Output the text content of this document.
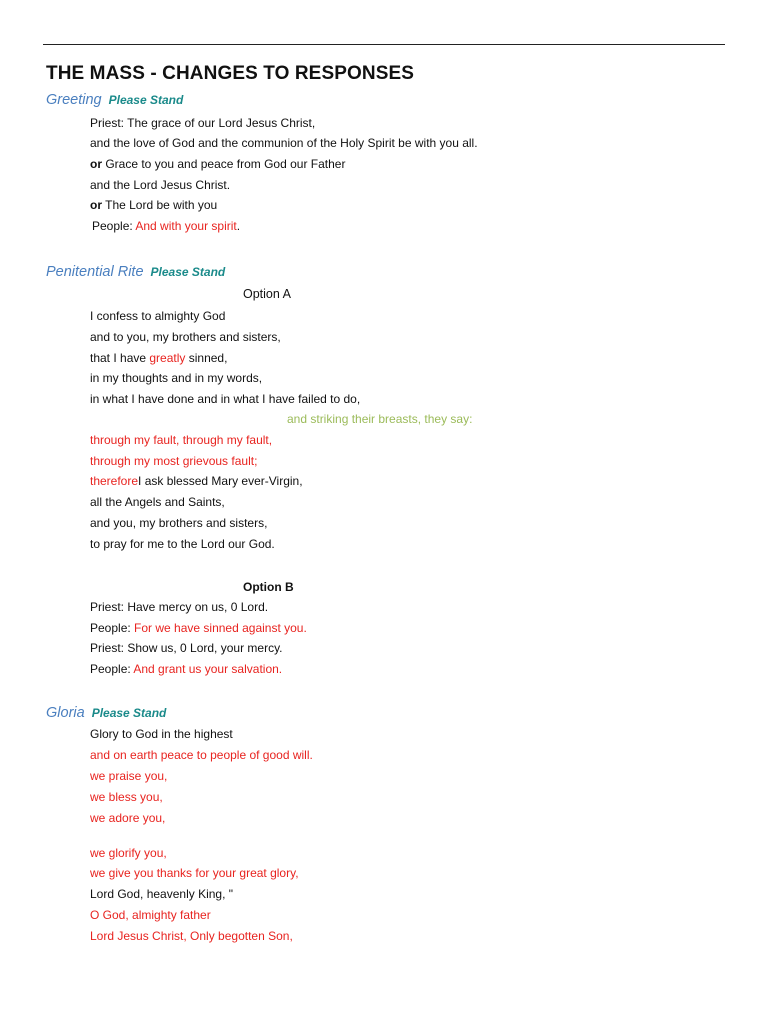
THE MASS - CHANGES TO RESPONSES
Greeting Please Stand
Priest: The grace of our Lord Jesus Christ,
and the love of God and the communion of the Holy Spirit be with you all.
or Grace to you and peace from God our Father
and the Lord Jesus Christ.
or The Lord be with you
People: And with your spirit.
Penitential Rite Please Stand
Option A
I confess to almighty God
and to you, my brothers and sisters,
that I have greatly sinned,
in my thoughts and in my words,
in what I have done and in what I have failed to do,
and striking their breasts, they say:
through my fault, through my fault,
through my most grievous fault;
thereforeI ask blessed Mary ever-Virgin,
all the Angels and Saints,
and you, my brothers and sisters,
to pray for me to the Lord our God.
Option B
Priest: Have mercy on us, 0 Lord.
People: For we have sinned against you.
Priest: Show us, 0 Lord, your mercy.
People: And grant us your salvation.
Gloria Please Stand
Glory to God in the highest
and on earth peace to people of good will.
we praise you,
we bless you,
we adore you,
we glorify you,
we give you thanks for your great glory,
Lord God, heavenly King, "
O God, almighty father
Lord Jesus Christ, Only begotten Son,
